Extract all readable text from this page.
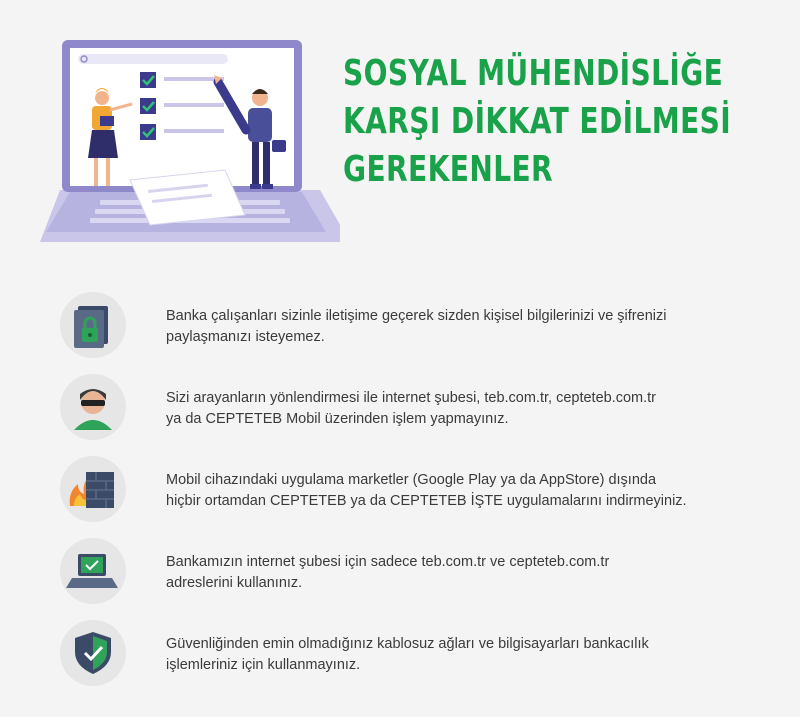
SOSYAL MÜHENDİSLİĞE
KARŞI DİKKAT EDİLMESİ
GEREKENLER
Banka çalışanları sizinle iletişime geçerek sizden kişisel bilgilerinizi ve şifrenizi
paylaşmanızı isteyemez.
Sizi arayanların yönlendirmesi ile internet şubesi, teb.com.tr, cepteteb.com.tr
ya da CEPTETEB Mobil üzerinden işlem yapmayınız.
Mobil cihazındaki uygulama marketler (Google Play ya da AppStore) dışında
hiçbir ortamdan CEPTETEB ya da CEPTETEB İŞTE uygulamalarını indirmeyiniz.
Bankamızın internet şubesi için sadece teb.com.tr ve cepteteb.com.tr
adreslerini kullanınız.
Güvenliğinden emin olmadığınız kablosuz ağları ve bilgisayarları bankacılık
işlemleriniz için kullanmayınız.
